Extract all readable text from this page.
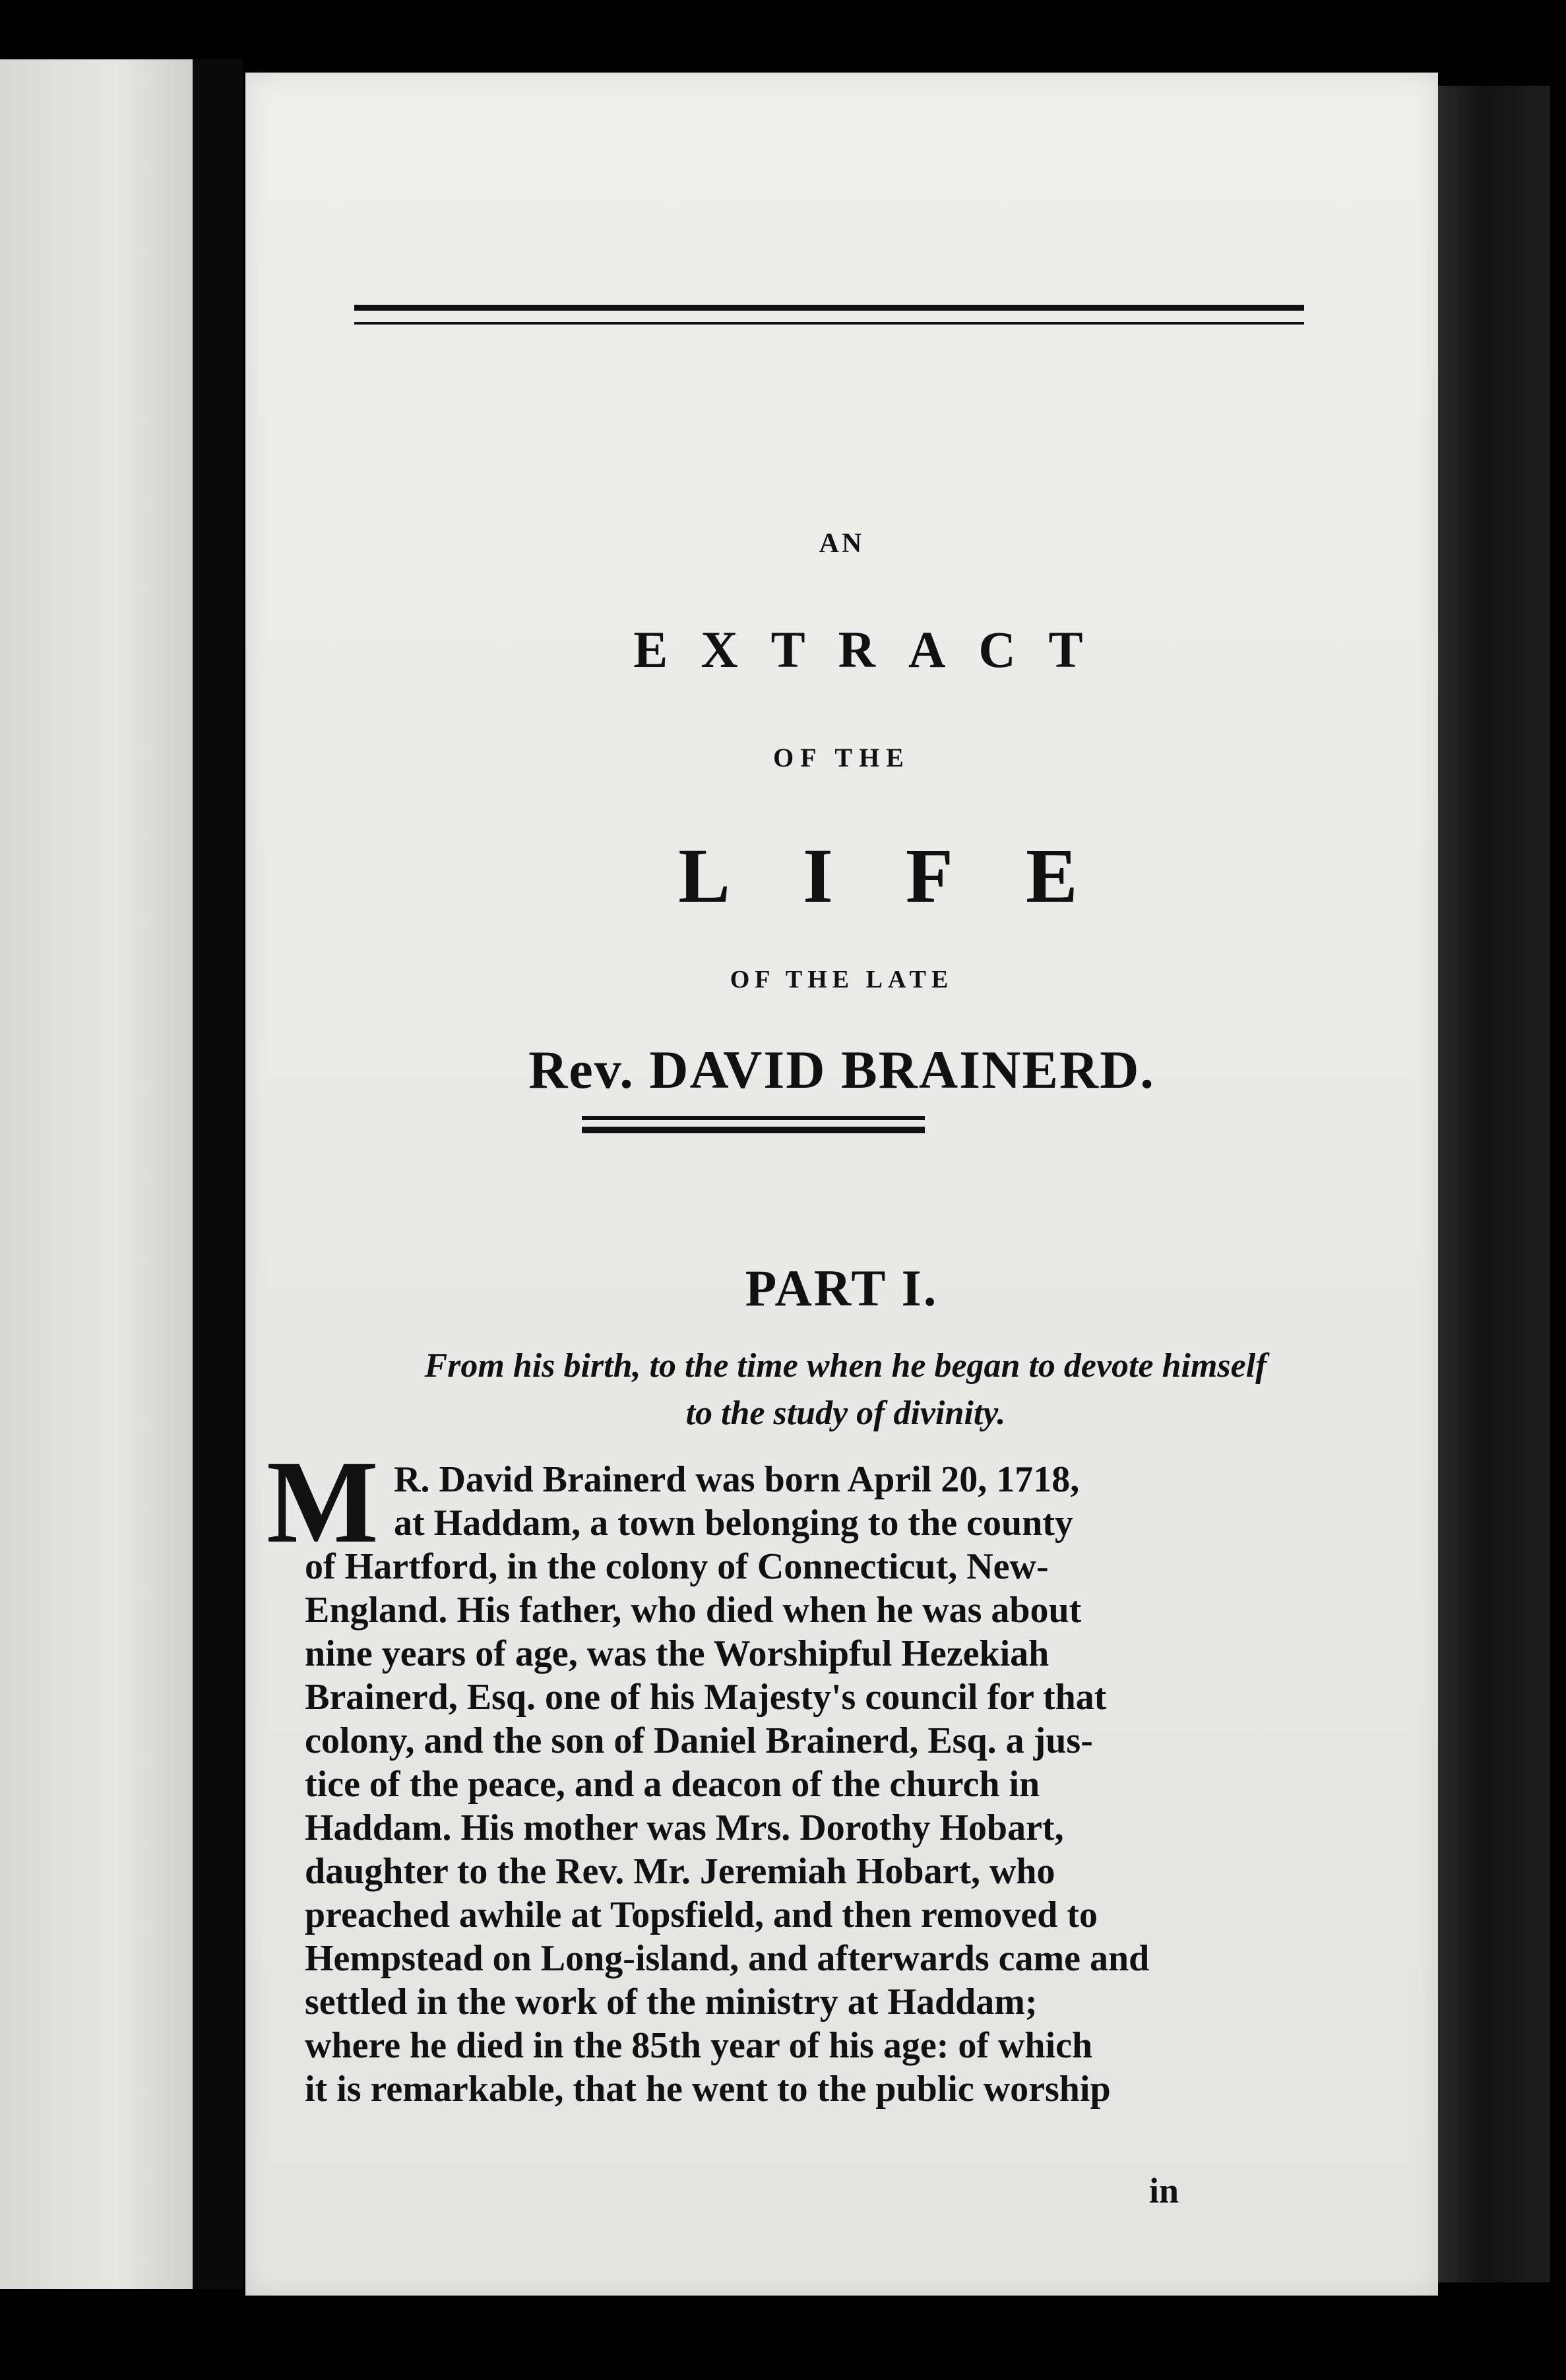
AN
EXTRACT
OF THE
LIFE
OF THE LATE
Rev. DAVID BRAINERD.
PART I.
From his birth, to the time when he began to devote himself
to the study of divinity.
M R. David Brainerd was born April 20, 1718,
at Haddam, a town belonging to the county
of Hartford, in the colony of Connecticut, New-
England. His father, who died when he was about
nine years of age, was the Worshipful Hezekiah
Brainerd, Esq. one of his Majesty's council for that
colony, and the son of Daniel Brainerd, Esq. a jus-
tice of the peace, and a deacon of the church in
Haddam. His mother was Mrs. Dorothy Hobart,
daughter to the Rev. Mr. Jeremiah Hobart, who
preached awhile at Topsfield, and then removed to
Hempstead on Long-island, and afterwards came and
settled in the work of the ministry at Haddam;
where he died in the 85th year of his age: of which
it is remarkable, that he went to the public worship
in
